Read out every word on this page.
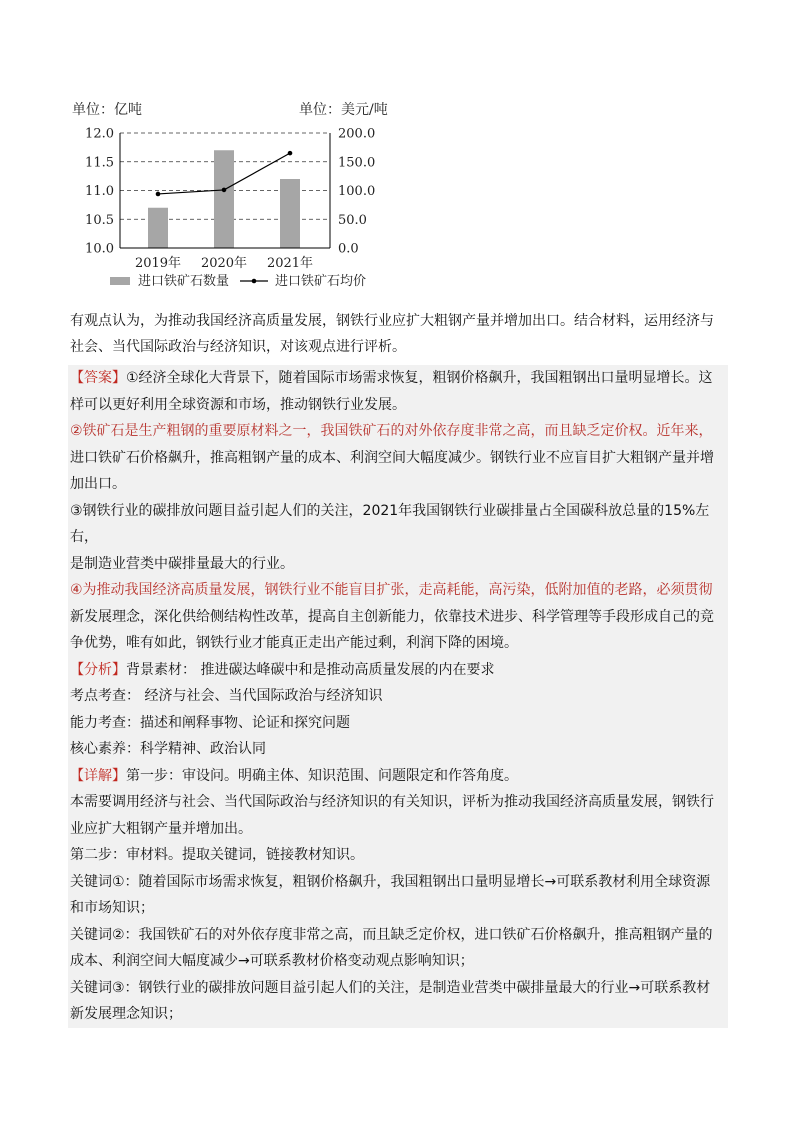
12.0
11.5
11.0
10.5
10.0
200.0
150.0
100.0
50.0
0.0
单位：亿吨	单位：美元/吨
2019年 2020年 2021年
进口铁矿石数量	进口铁矿石均价

有观点认为，为推动我国经济高质量发展，钢铁行业应扩大粗钢产量并增加出口。结合材料，运用经济与

社会、当代国际政治与经济知识，对该观点进行评析。

【答案】①经济全球化大背景下，随着国际市场需求恢复，粗钢价格飙升，我国粗钢出口量明显增长。这

样可以更好利用全球资源和市场，推动钢铁行业发展。

②铁矿石是生产粗钢的重要原材料之一，我国铁矿石的对外依存度非常之高，而且缺乏定价权。近年来，

进口铁矿石价格飙升，推高粗钢产量的成本、利润空间大幅度减少。钢铁行业不应盲目扩大粗钢产量并增

加出口。

③钢铁行业的碳排放问题目益引起人们的关注，2021年我国钢铁行业碳排量占全国碳科放总量的15%左右，

是制造业营类中碳排量最大的行业。

④为推动我国经济高质量发展，钢铁行业不能盲目扩张，走高耗能，高污染，低附加值的老路，必须贯彻

新发展理念，深化供给侧结构性改革，提高自主创新能力，依靠技术进步、科学管理等手段形成自己的竞

争优势，唯有如此，钢铁行业才能真正走出产能过剩，利润下降的困境。

【分析】背景素材： 推进碳达峰碳中和是推动高质量发展的内在要求

考点考查： 经济与社会、当代国际政治与经济知识

能力考查：描述和阐释事物、论证和探究问题

核心素养：科学精神、政治认同

【详解】第一步：审设问。明确主体、知识范围、问题限定和作答角度。

本需要调用经济与社会、当代国际政治与经济知识的有关知识，评析为推动我国经济高质量发展，钢铁行

业应扩大粗钢产量并增加出。

第二步：审材料。提取关键词，链接教材知识。

关键词①：随着国际市场需求恢复，粗钢价格飙升，我国粗钢出口量明显增长→可联系教材利用全球资源

和市场知识；

关键词②：我国铁矿石的对外依存度非常之高，而且缺乏定价权，进口铁矿石价格飙升，推高粗钢产量的

成本、利润空间大幅度减少→可联系教材价格变动观点影响知识；

关键词③：钢铁行业的碳排放问题目益引起人们的关注，是制造业营类中碳排量最大的行业→可联系教材

新发展理念知识；
